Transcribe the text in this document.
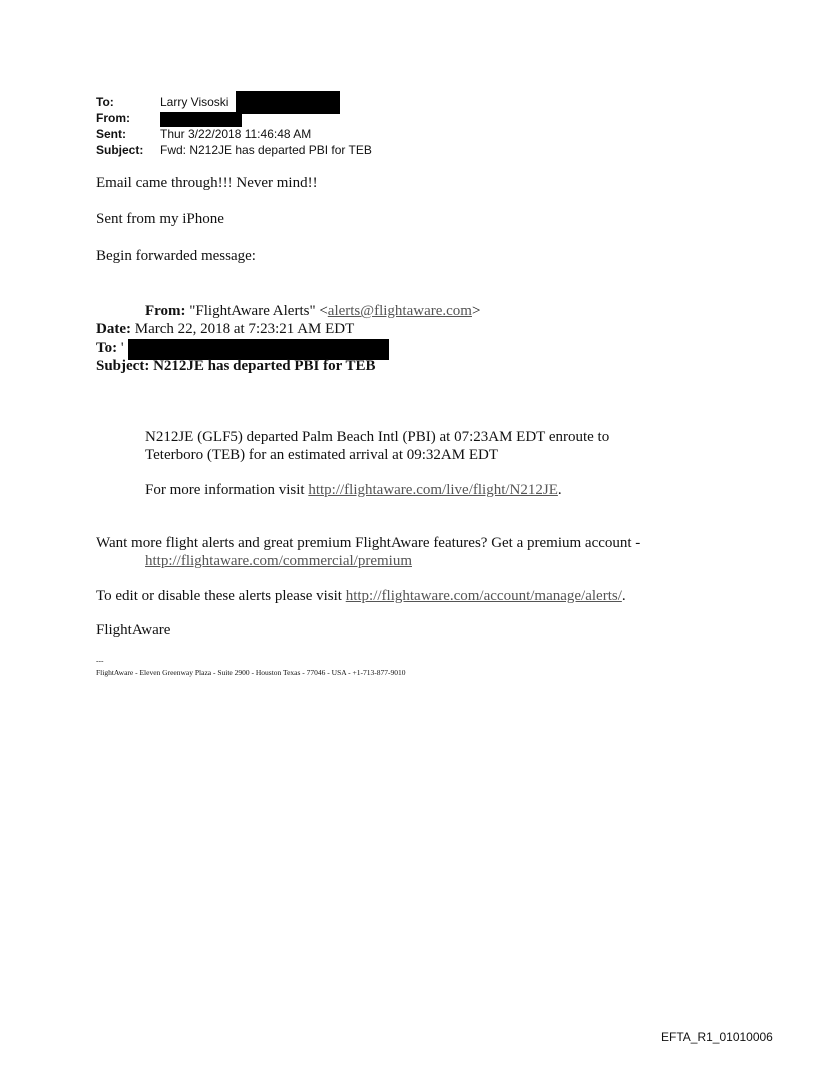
To:	Larry Visoski
From:
Sent:	Thur 3/22/2018 11:46:48 AM
Subject: Fwd: N212JE has departed PBI for TEB
Email came through!!! Never mind!!
Sent from my iPhone
Begin forwarded message:
From: "FlightAware Alerts" <alerts@flightaware.com>
Date: March 22, 2018 at 7:23:21 AM EDT
To: '
Subject: N212JE has departed PBI for TEB
N212JE (GLF5) departed Palm Beach Intl (PBI) at 07:23AM EDT enroute to
Teterboro (TEB) for an estimated arrival at 09:32AM EDT
For more information visit http://flightaware.com/live/flight/N212JE.
Want more flight alerts and great premium FlightAware features? Get a premium account -
http://flightaware.com/commercial/premium
To edit or disable these alerts please visit http://flightaware.com/account/manage/alerts/.
FlightAware
---
FlightAware - Eleven Greenway Plaza - Suite 2900 - Houston Texas - 77046 - USA - +1-713-877-9010
EFTA_R1_01010006
